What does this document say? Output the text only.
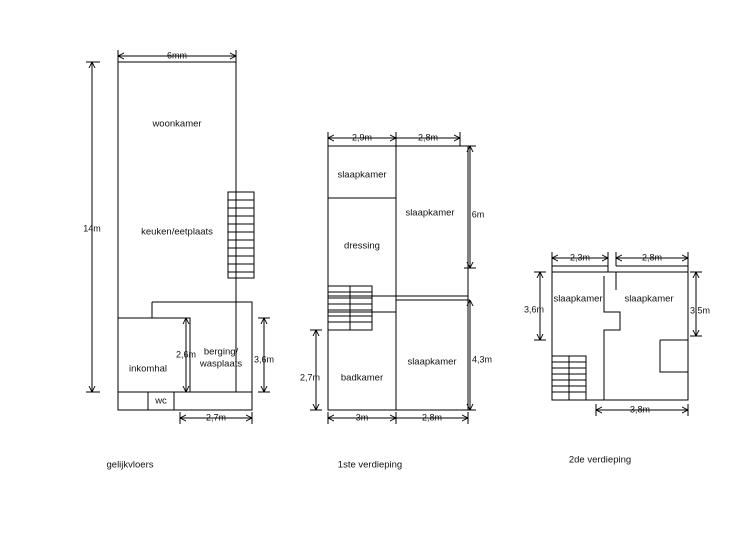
woonkamer
keuken/eetplaats
inkomhal
berging/
wasplaats
wc
6mm
14m
2,6m	3,6m
2,7m
gelijkvloers
slaapkamer
slaapkamer
dressing
badkamer
slaapkamer
2,9m	2,8m
6m
4,3m
2,7m
3m	2,8m
1ste verdieping
slaapkamer slaapkamer
2,3m	2,8m
3,6m	3,5m
3,8m
2de verdieping
